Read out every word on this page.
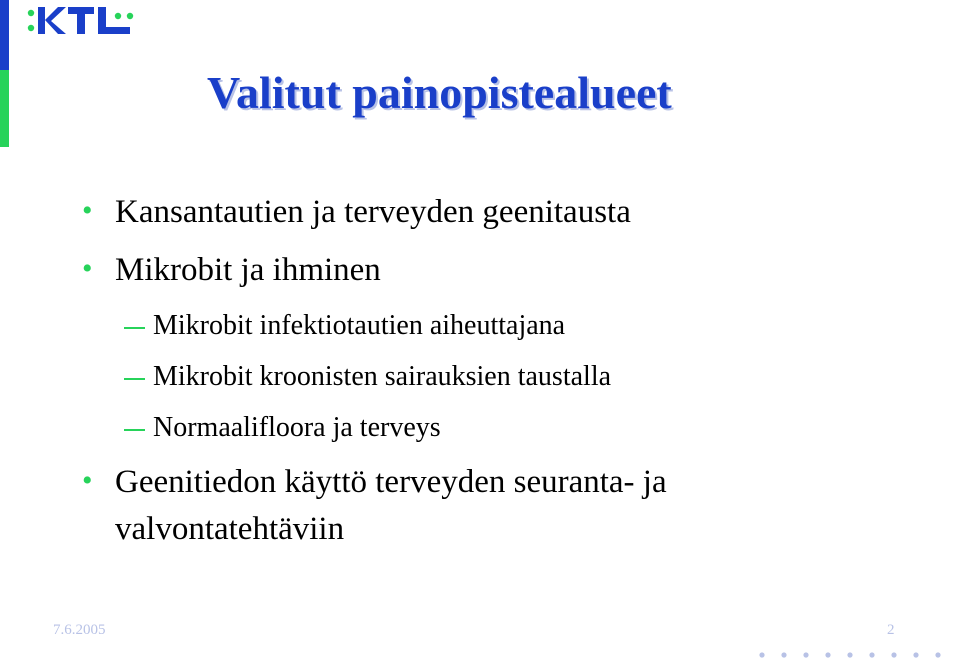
Valitut painopistealueet
• Kansantautien ja terveyden geenitausta
• Mikrobit ja ihminen
Mikrobit infektiotautien aiheuttajana
Mikrobit kroonisten sairauksien taustalla
Normaalifloora ja terveys
• Geenitiedon käyttö terveyden seuranta- ja
valvontatehtäviin
7.6.2005	2
